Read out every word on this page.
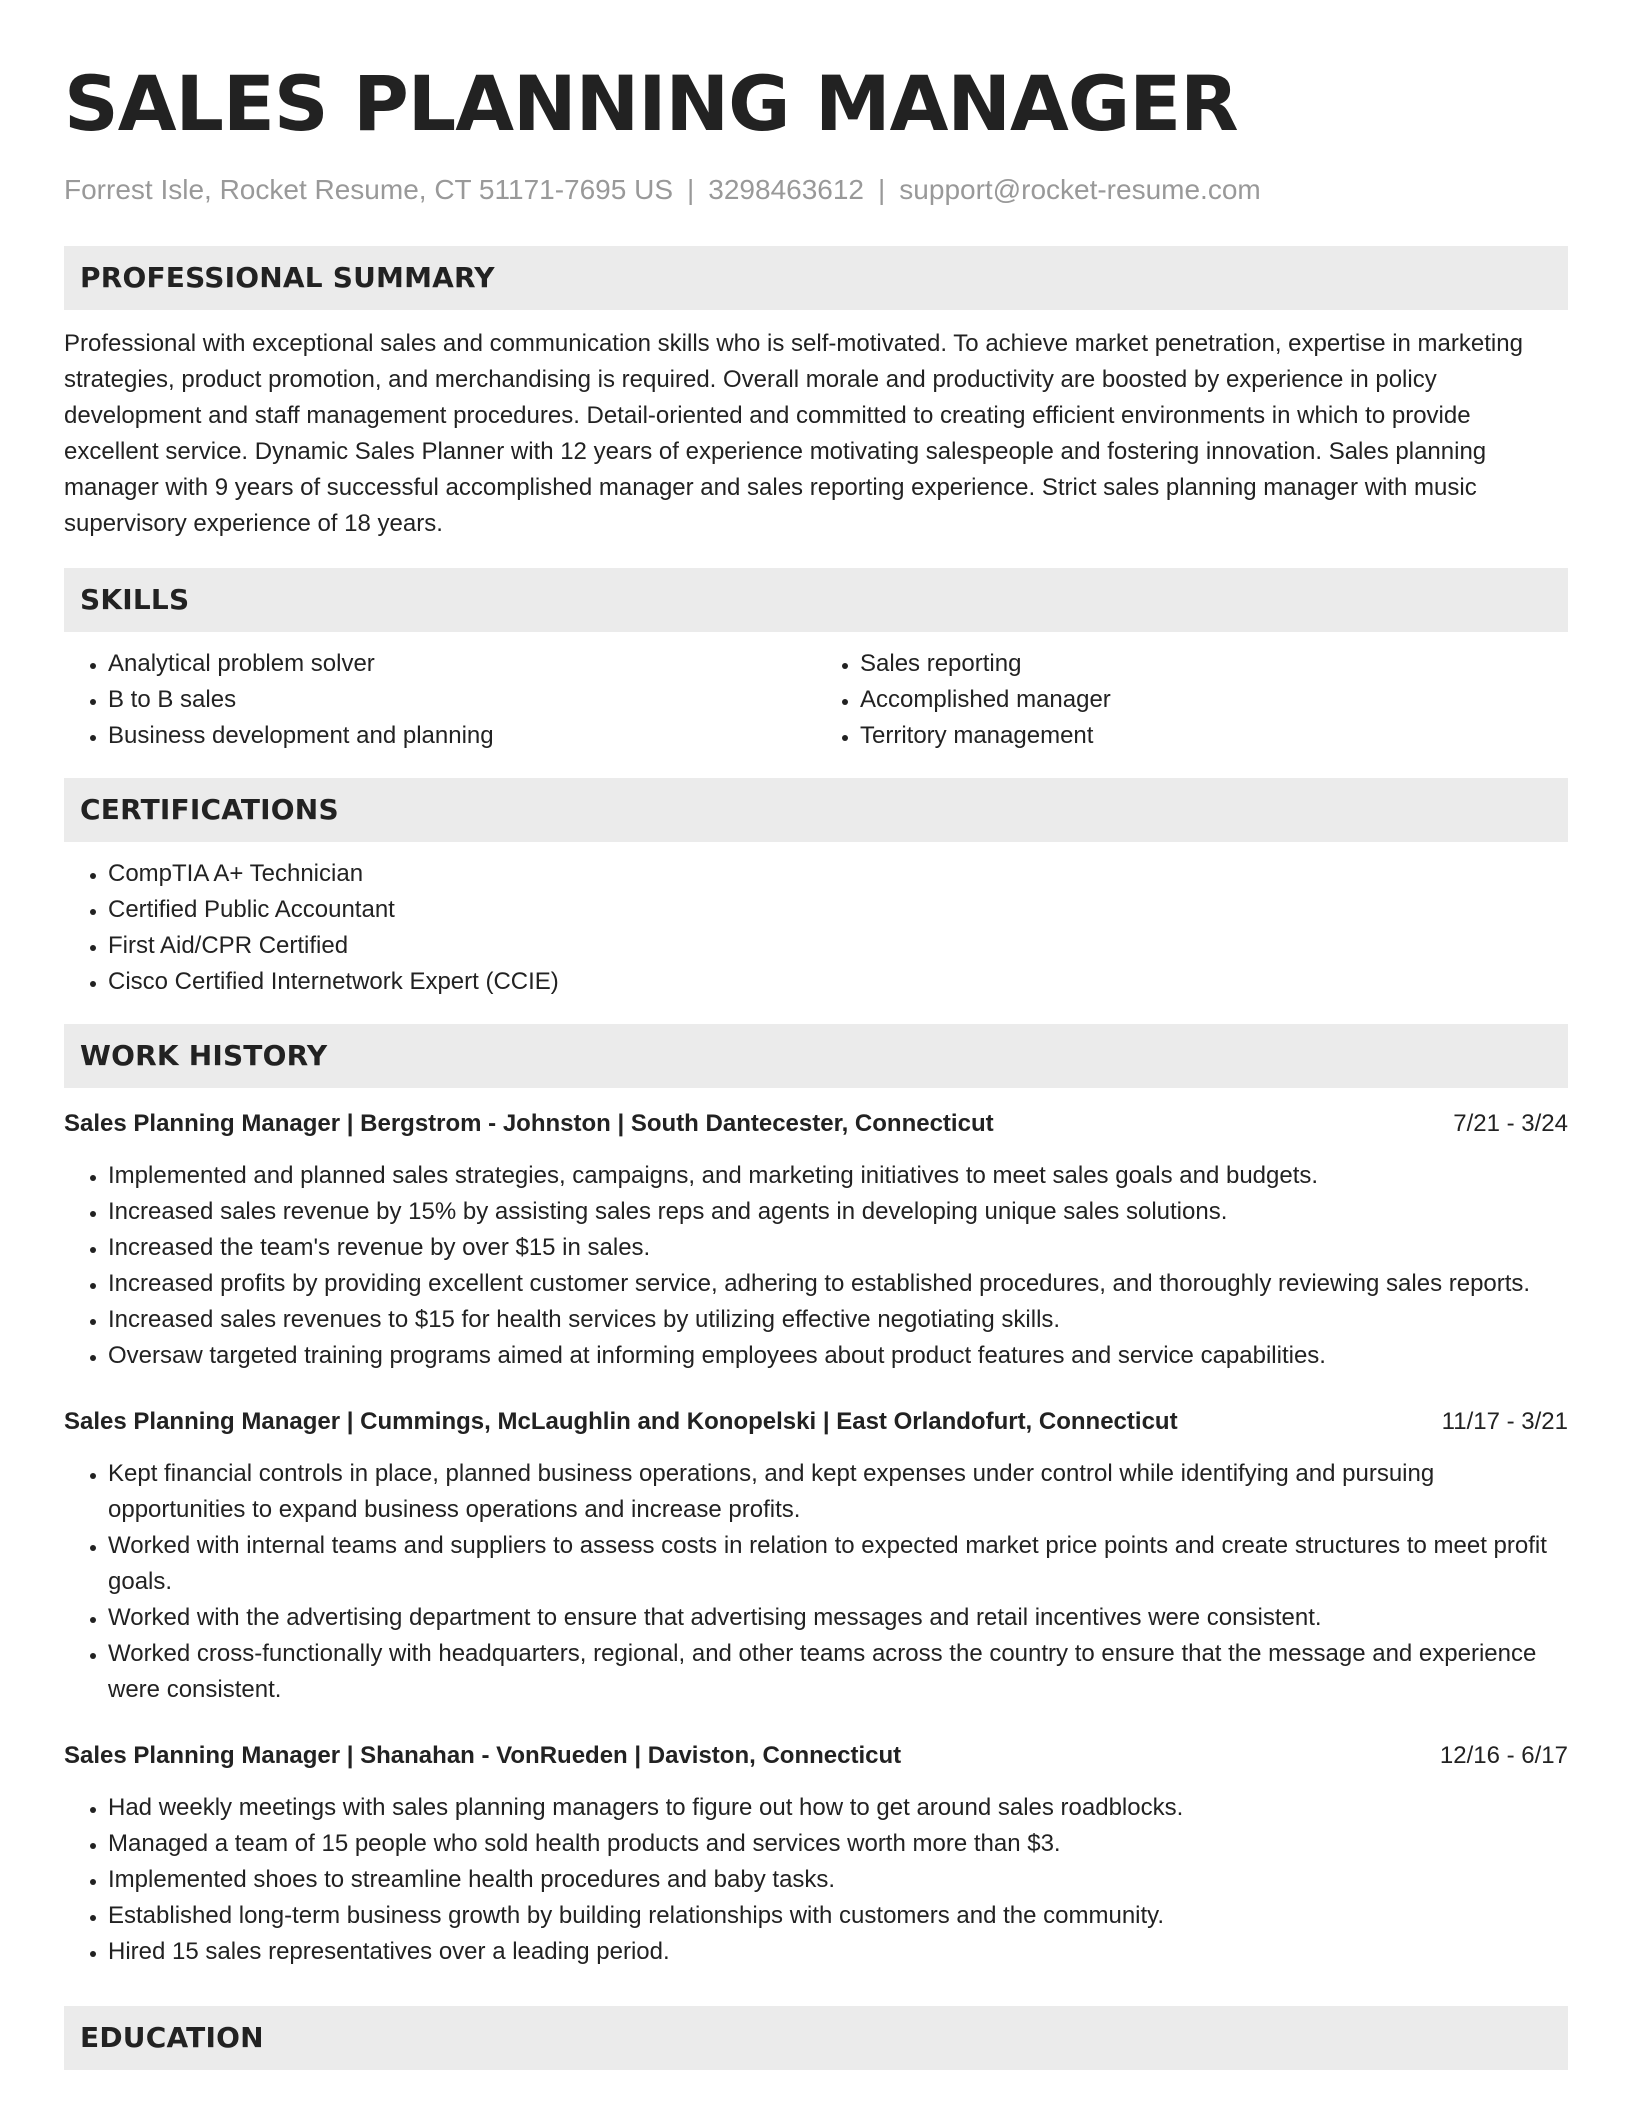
SALES PLANNING MANAGER
Forrest Isle, Rocket Resume, CT 51171-7695 US | 3298463612 | support@rocket-resume.com
PROFESSIONAL SUMMARY

Professional with exceptional sales and communication skills who is self-motivated. To achieve market penetration, expertise in marketing strategies, product promotion, and merchandising is required. Overall morale and productivity are boosted by experience in policy development and staff management procedures. Detail-oriented and committed to creating efficient environments in which to provide excellent service. Dynamic Sales Planner with 12 years of experience motivating salespeople and fostering innovation. Sales planning manager with 9 years of successful accomplished manager and sales reporting experience. Strict sales planning manager with music supervisory experience of 18 years.

SKILLS
• Analytical problem solver
• B to B sales
• Business development and planning
• Sales reporting
• Accomplished manager
• Territory management
CERTIFICATIONS
• CompTIA A+ Technician
• Certified Public Accountant
• First Aid/CPR Certified
• Cisco Certified Internetwork Expert (CCIE)
WORK HISTORY
Sales Planning Manager | Bergstrom - Johnston | South Dantecester, Connecticut	7/21 - 3/24
• Implemented and planned sales strategies, campaigns, and marketing initiatives to meet sales goals and budgets.
• Increased sales revenue by 15% by assisting sales reps and agents in developing unique sales solutions.
• Increased the team's revenue by over $15 in sales.
• Increased profits by providing excellent customer service, adhering to established procedures, and thoroughly reviewing sales reports.
• Increased sales revenues to $15 for health services by utilizing effective negotiating skills.
• Oversaw targeted training programs aimed at informing employees about product features and service capabilities.
Sales Planning Manager | Cummings, McLaughlin and Konopelski | East Orlandofurt, Connecticut	11/17 - 3/21
• Kept financial controls in place, planned business operations, and kept expenses under control while identifying and pursuing opportunities to expand business operations and increase profits.
• Worked with internal teams and suppliers to assess costs in relation to expected market price points and create structures to meet profit goals.
• Worked with the advertising department to ensure that advertising messages and retail incentives were consistent.
• Worked cross-functionally with headquarters, regional, and other teams across the country to ensure that the message and experience were consistent.
Sales Planning Manager | Shanahan - VonRueden | Daviston, Connecticut	12/16 - 6/17
• Had weekly meetings with sales planning managers to figure out how to get around sales roadblocks.
• Managed a team of 15 people who sold health products and services worth more than $3.
• Implemented shoes to streamline health procedures and baby tasks.
• Established long-term business growth by building relationships with customers and the community.
• Hired 15 sales representatives over a leading period.
EDUCATION
